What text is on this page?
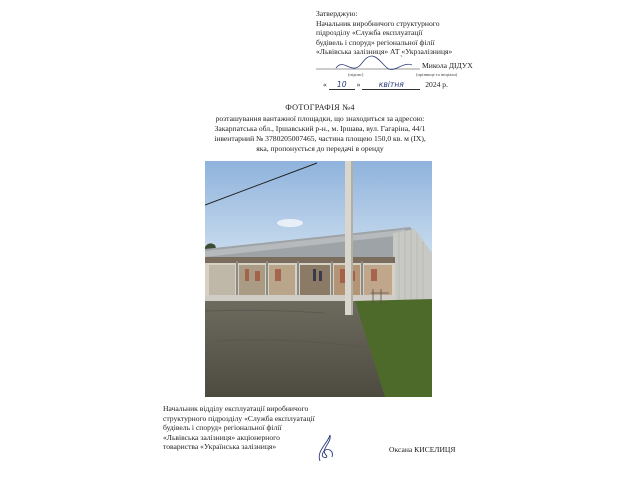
Затверджую:
Начальник виробничого структурного
підрозділу «Служба експлуатації
будівель і споруд» регіональної філії
«Львівська залізниця» АТ «Укрзалізниця»
Микола ДІДУХ
(підпис)	(прізвище та ініціали)
« 10 » квітня	2024 р.
ФОТОГРАФІЯ №4
розташування вантажної площадки, що знаходиться за адресою:
Закарпатська обл., Іршавський р-н., м. Іршава, вул. Гагаріна, 44/1
інвентарний № 3780205007465, частина площею 150,0 кв. м (ІХ),
яка, пропонується до передачі в оренду
Начальник відділу експлуатації виробничого
структурного підрозділу «Служба експлуатації
будівель і споруд» регіональної філії
«Львівська залізниця» акціонерного
товариства «Українська залізниця»	Оксана КИСЕЛИЦЯ
